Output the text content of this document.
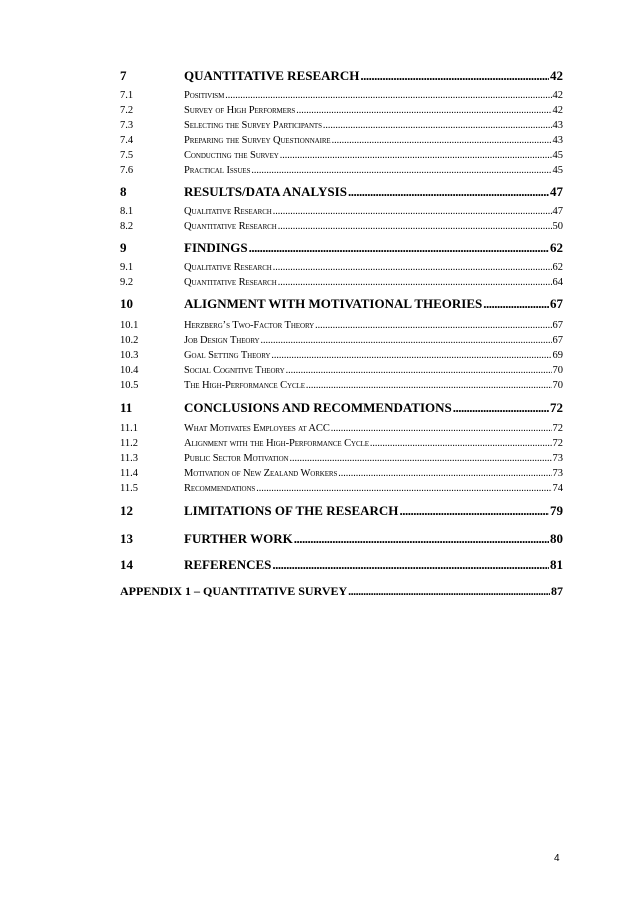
7	QUANTITATIVE RESEARCH .....	42
7.1	Positivism .....	42
7.2	Survey of High Performers .....	42
7.3	Selecting the Survey Participants .....	43
7.4	Preparing the Survey Questionnaire .....	43
7.5	Conducting the Survey .....	45
7.6	Practical Issues .....	45
8	RESULTS/DATA ANALYSIS .....	47
8.1	Qualitative Research .....	47
8.2	Quantitative Research .....	50
9	FINDINGS .....	62
9.1	Qualitative Research .....	62
9.2	Quantitative Research .....	64
10	ALIGNMENT WITH MOTIVATIONAL THEORIES .....	67
10.1	Herzberg’s Two-Factor Theory .....	67
10.2	Job Design Theory .....	67
10.3	Goal Setting Theory .....	69
10.4	Social Cognitive Theory .....	70
10.5	The High-Performance Cycle .....	70
11	CONCLUSIONS AND RECOMMENDATIONS .....	72
11.1	What Motivates Employees at ACC .....	72
11.2	Alignment with the High-Performance Cycle .....	72
11.3	Public Sector Motivation .....	73
11.4	Motivation of New Zealand Workers .....	73
11.5	Recommendations .....	74
12	LIMITATIONS OF THE RESEARCH .....	79
13	FURTHER WORK .....	80
14	REFERENCES .....	81
APPENDIX 1 – QUANTITATIVE SURVEY .....	87
4
